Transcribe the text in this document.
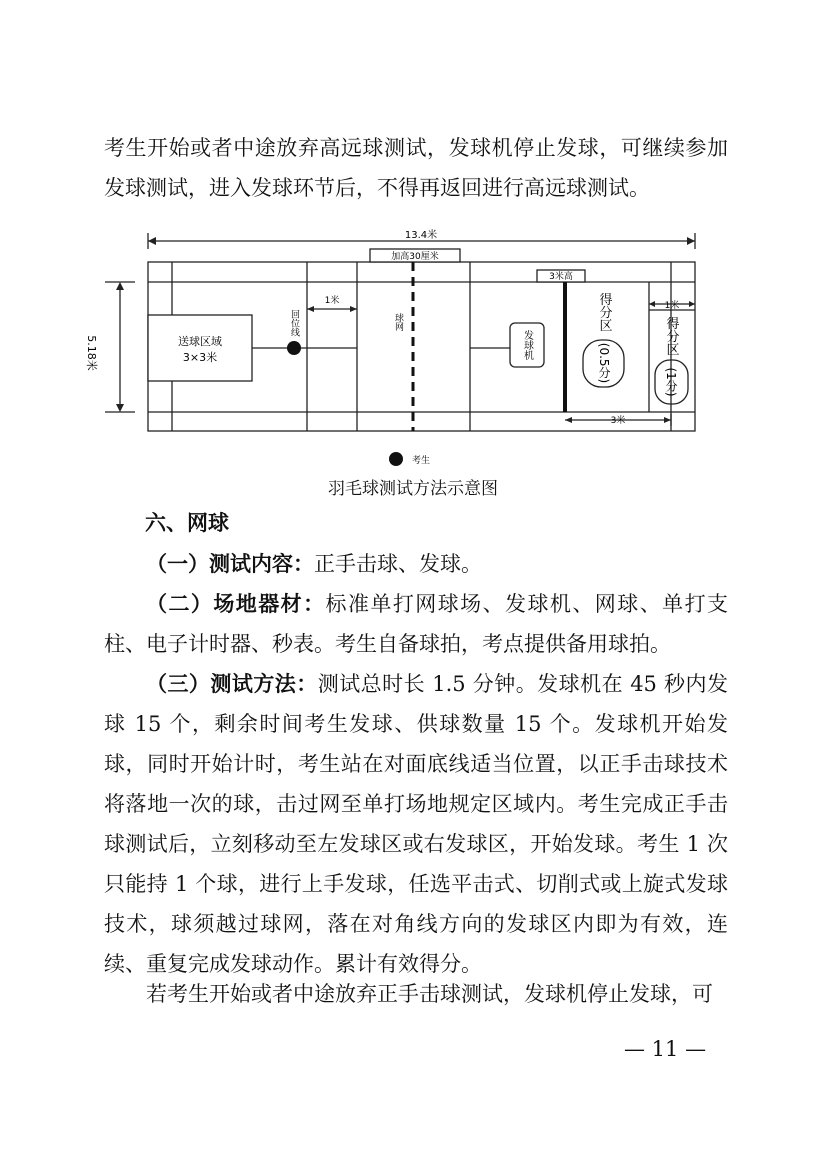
考生开始或者中途放弃高远球测试，发球机停止发球，可继续参加发球测试，进入发球环节后，不得再返回进行高远球测试。

13.4米
加高30厘米
1米
3米高
1米
3米
送球区域
3×3米
5.18米
回位线	球网
发球机
得分区
(0.5分)
得分区
(1分)
考生
羽毛球测试方法示意图
六、网球

（一）测试内容：正手击球、发球。

（二）场地器材：标准单打网球场、发球机、网球、单打支柱、电子计时器、秒表。考生自备球拍，考点提供备用球拍。

（三）测试方法：测试总时长 1.5 分钟。发球机在 45 秒内发球 15 个，剩余时间考生发球、供球数量 15 个。发球机开始发球，同时开始计时，考生站在对面底线适当位置，以正手击球技术将落地一次的球，击过网至单打场地规定区域内。考生完成正手击球测试后，立刻移动至左发球区或右发球区，开始发球。考生 1 次只能持 1 个球，进行上手发球，任选平击式、切削式或上旋式发球技术，球须越过球网，落在对角线方向的发球区内即为有效，连续、重复完成发球动作。累计有效得分。

若考生开始或者中途放弃正手击球测试，发球机停止发球，可

— 11 —
